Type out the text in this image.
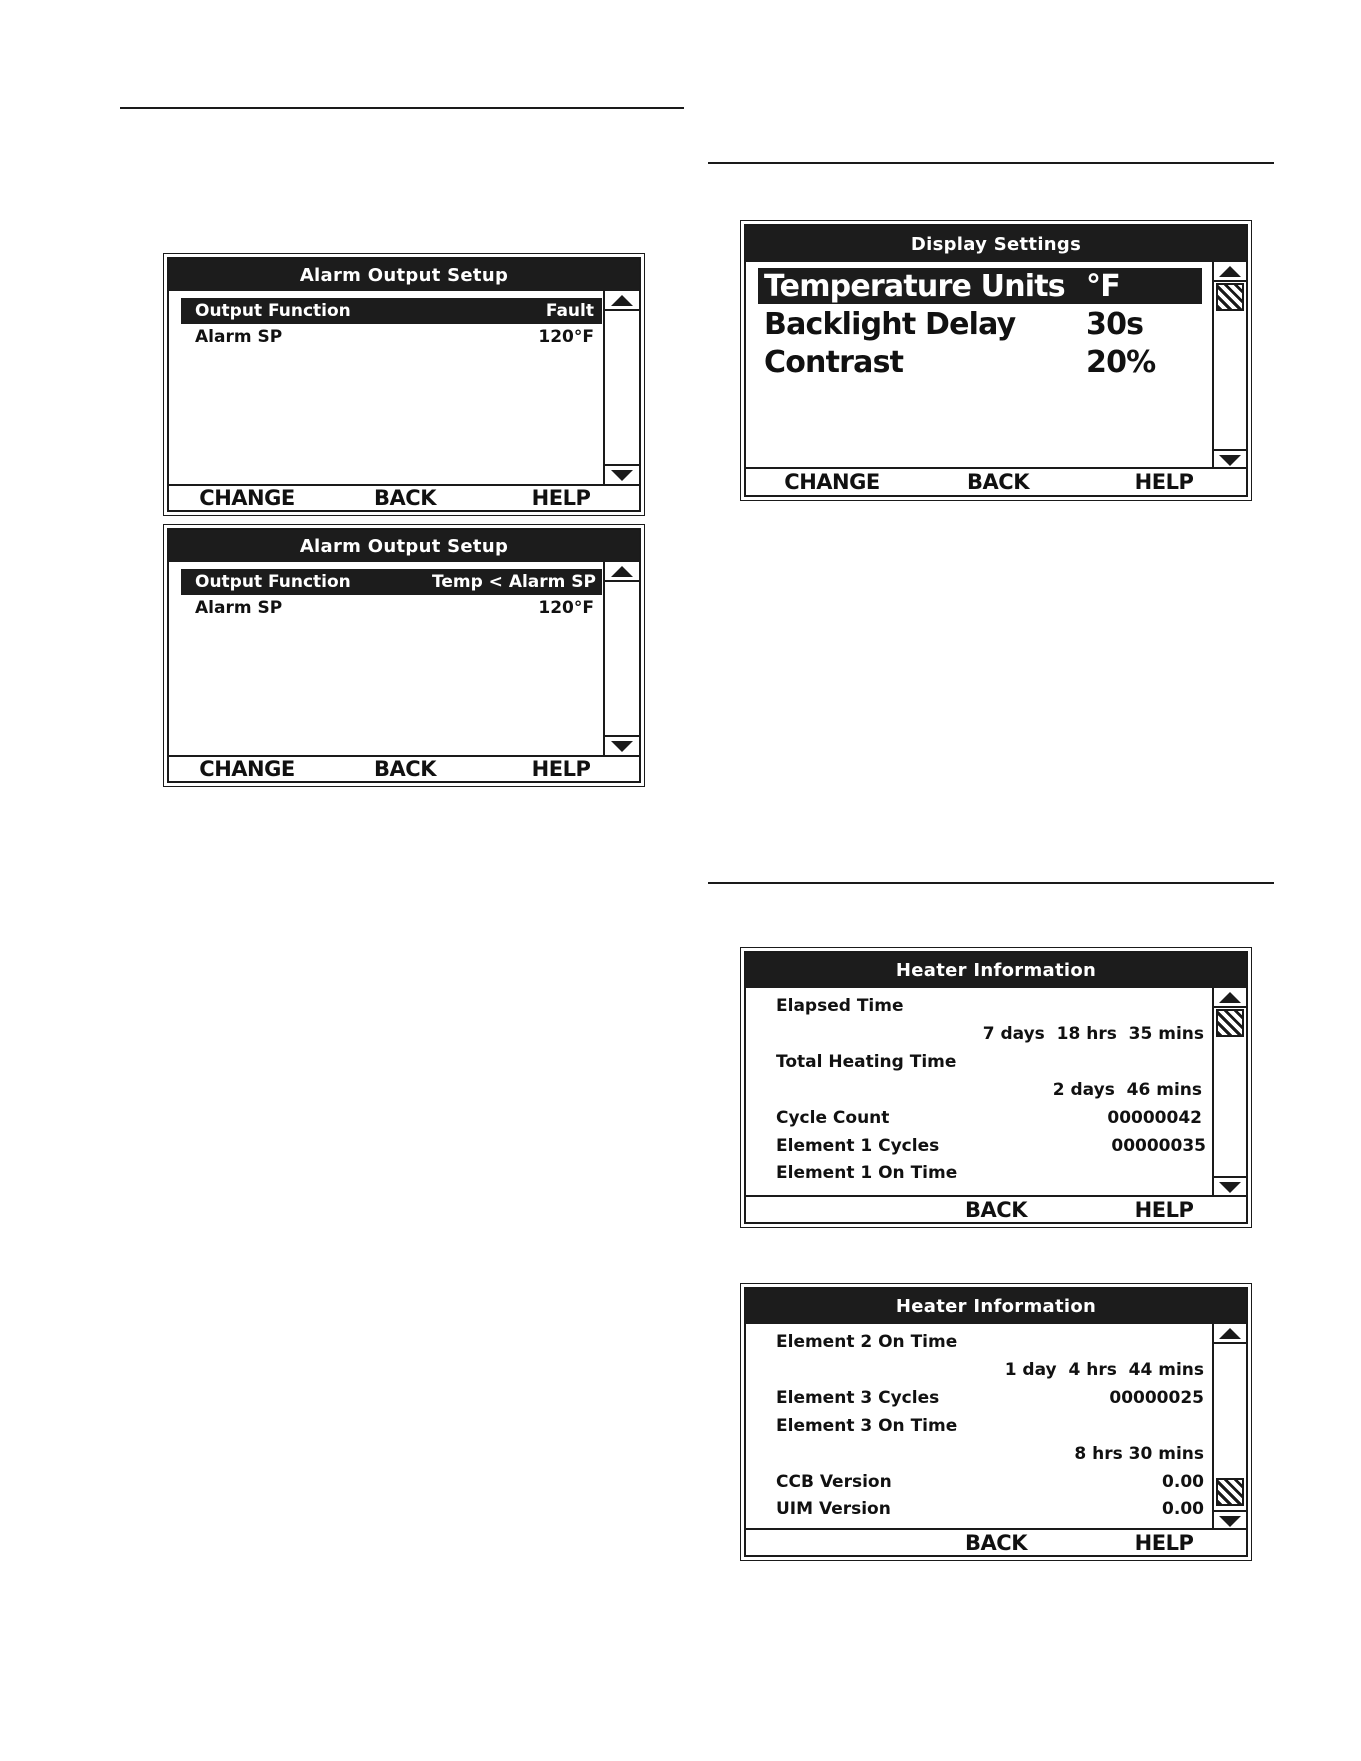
Alarm Output Setup
Output Function	Fault
Alarm SP	120°F
CHANGE	BACK	HELP
Alarm Output Setup
Output Function	Temp < Alarm SP
Alarm SP	120°F
CHANGE	BACK	HELP
Display Settings
Temperature Units °F
Backlight Delay 30s
Contrast	20%
CHANGE	BACK	HELP
Heater Information
Elapsed Time
7 days  18 hrs  35 mins
Total Heating Time
2 days  46 mins
Cycle Count	00000042
Element 1 Cycles	00000035
Element 1 On Time
BACK	HELP
Heater Information
Element 2 On Time
1 day  4 hrs  44 mins
Element 3 Cycles	00000025
Element 3 On Time
8 hrs 30 mins
CCB Version	0.00
UIM Version	0.00
BACK	HELP
